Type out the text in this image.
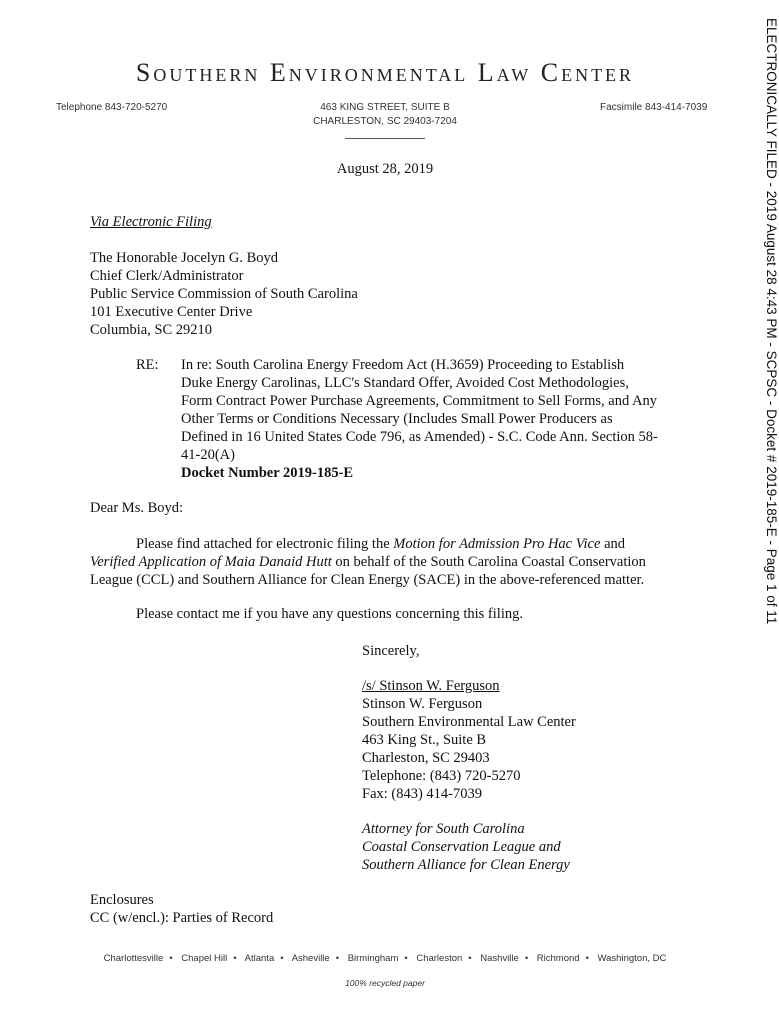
Southern Environmental Law Center
Telephone 843-720-5270	463 KING STREET, SUITE B
CHARLESTON, SC 29403-7204
Facsimile 843-414-7039	ELECTRONICALLY FILED - 2019 August 28 4:43 PM - SCPSC - Docket # 2019-185-E - Page 1 of 11
August 28, 2019
Via Electronic Filing
The Honorable Jocelyn G. Boyd
Chief Clerk/Administrator
Public Service Commission of South Carolina
101 Executive Center Drive
Columbia, SC 29210
RE: In re: South Carolina Energy Freedom Act (H.3659) Proceeding to Establish
Duke Energy Carolinas, LLC's Standard Offer, Avoided Cost Methodologies,
Form Contract Power Purchase Agreements, Commitment to Sell Forms, and Any
Other Terms or Conditions Necessary (Includes Small Power Producers as
Defined in 16 United States Code 796, as Amended) - S.C. Code Ann. Section 58-
41-20(A)
Docket Number 2019-185-E
Dear Ms. Boyd:
Please find attached for electronic filing the Motion for Admission Pro Hac Vice and
Verified Application of Maia Danaid Hutt on behalf of the South Carolina Coastal Conservation
League (CCL) and Southern Alliance for Clean Energy (SACE) in the above-referenced matter.
Please contact me if you have any questions concerning this filing.
Sincerely,
/s/ Stinson W. Ferguson
Stinson W. Ferguson
Southern Environmental Law Center
463 King St., Suite B
Charleston, SC 29403
Telephone: (843) 720-5270
Fax: (843) 414-7039
Attorney for South Carolina
Coastal Conservation League and
Southern Alliance for Clean Energy
Enclosures
CC (w/encl.): Parties of Record
Charlottesville • Chapel Hill • Atlanta • Asheville • Birmingham • Charleston • Nashville • Richmond • Washington, DC
100% recycled paper
